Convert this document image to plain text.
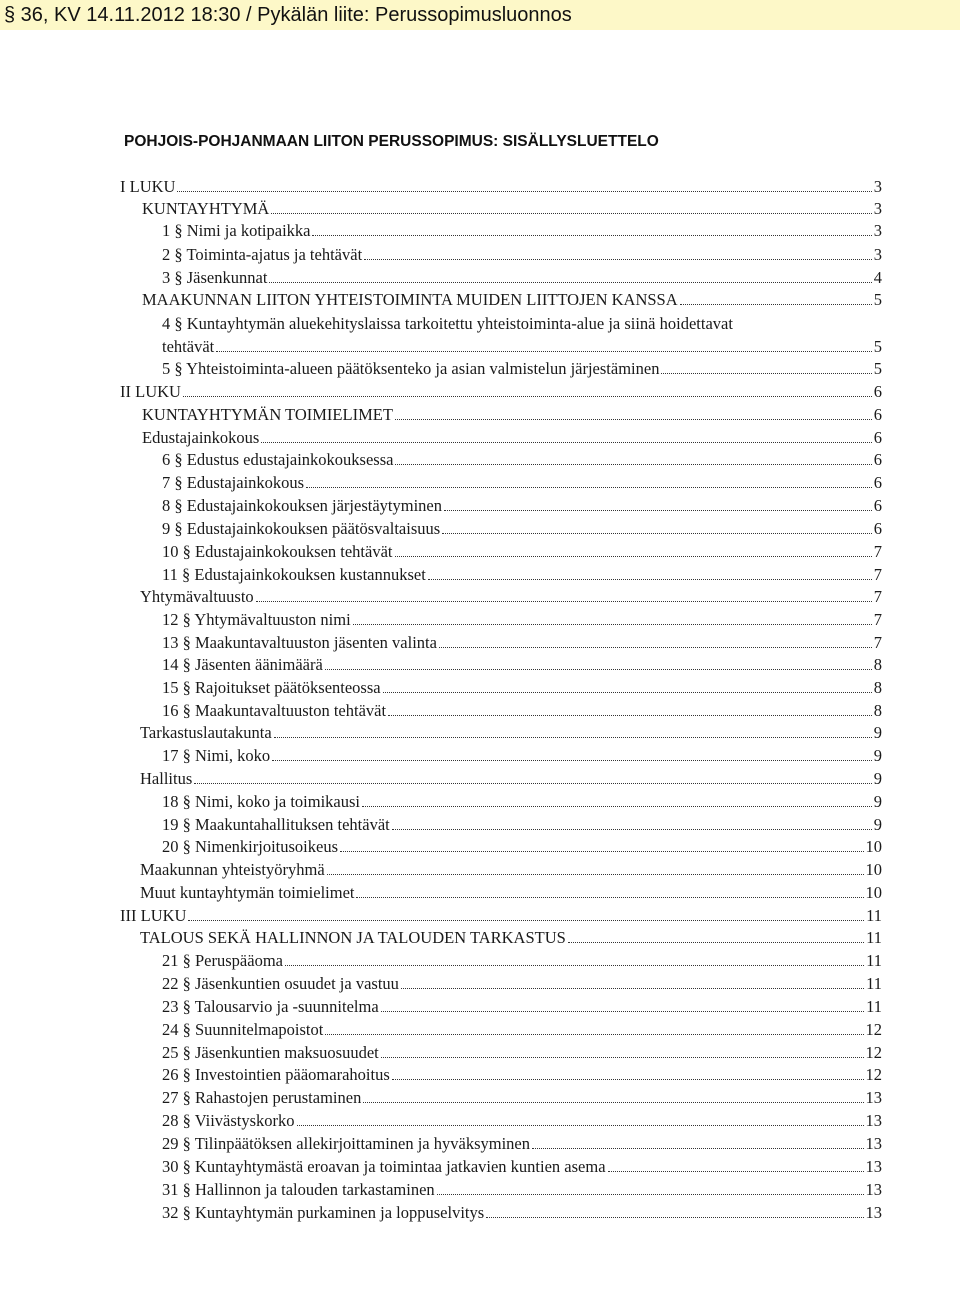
§ 36, KV 14.11.2012 18:30 / Pykälän liite: Perussopimusluonnos
POHJOIS-POHJANMAAN LIITON PERUSSOPIMUS: SISÄLLYSLUETTELO
I LUKU	3
KUNTAYHTYMÄ	3
1 § Nimi ja kotipaikka	3
2 § Toiminta-ajatus ja tehtävät	3
3 § Jäsenkunnat	4
MAAKUNNAN LIITON YHTEISTOIMINTA MUIDEN LIITTOJEN KANSSA	5
4 § Kuntayhtymän aluekehityslaissa tarkoitettu yhteistoiminta-alue ja siinä hoidettavat
tehtävät	5
5 § Yhteistoiminta-alueen päätöksenteko ja asian valmistelun järjestäminen	5
II LUKU	6
KUNTAYHTYMÄN TOIMIELIMET	6
Edustajainkokous	6
6 § Edustus edustajainkokouksessa	6
7 § Edustajainkokous	6
8 § Edustajainkokouksen järjestäytyminen	6
9 § Edustajainkokouksen päätösvaltaisuus	6
10 § Edustajainkokouksen tehtävät	7
11 § Edustajainkokouksen kustannukset	7
Yhtymävaltuusto	7
12 § Yhtymävaltuuston nimi	7
13 § Maakuntavaltuuston jäsenten valinta	7
14 § Jäsenten äänimäärä	8
15 § Rajoitukset päätöksenteossa	8
16 § Maakuntavaltuuston tehtävät	8
Tarkastuslautakunta	9
17 § Nimi, koko	9
Hallitus	9
18 § Nimi, koko ja toimikausi	9
19 § Maakuntahallituksen tehtävät	9
20 § Nimenkirjoitusoikeus	10
Maakunnan yhteistyöryhmä	10
Muut kuntayhtymän toimielimet	10
III LUKU	11
TALOUS SEKÄ HALLINNON JA TALOUDEN TARKASTUS	11
21 § Peruspääoma	11
22 § Jäsenkuntien osuudet ja vastuu	11
23 § Talousarvio ja -suunnitelma	11
24 § Suunnitelmapoistot	12
25 § Jäsenkuntien maksuosuudet	12
26 § Investointien pääomarahoitus	12
27 § Rahastojen perustaminen	13
28 § Viivästyskorko	13
29 § Tilinpäätöksen allekirjoittaminen ja hyväksyminen	13
30 § Kuntayhtymästä eroavan ja toimintaa jatkavien kuntien asema	13
31 § Hallinnon ja talouden tarkastaminen	13
32 § Kuntayhtymän purkaminen ja loppuselvitys	13
